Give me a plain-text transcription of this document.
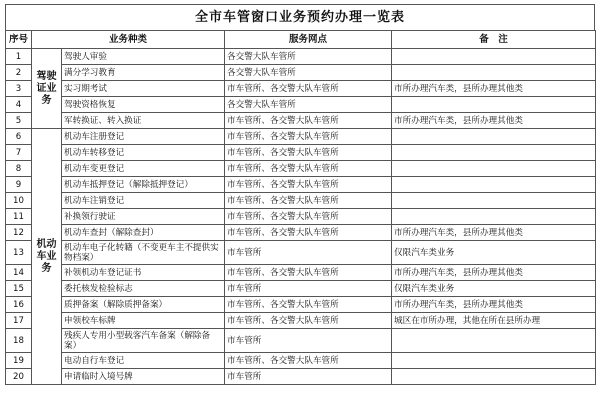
全市车管窗口业务预约办理一览表
序号	业务种类		服务网点	备　注
1	驾驶证业务	驾驶人审验	各交警大队车管所	
2		满分学习教育	各交警大队车管所	
3		实习期考试	市车管所、各交警大队车管所	市所办理汽车类，县所办理其他类
4		驾驶资格恢复	各交警大队车管所	
5		军转换证、转入换证	市车管所、各交警大队车管所	市所办理汽车类，县所办理其他类
6	机动车业务	机动车注册登记	市车管所、各交警大队车管所	
7		机动车转移登记	市车管所、各交警大队车管所	
8		机动车变更登记	市车管所、各交警大队车管所	
9		机动车抵押登记（解除抵押登记）	市车管所、各交警大队车管所	
10		机动车注销登记	市车管所、各交警大队车管所	
11		补换领行驶证	市车管所、各交警大队车管所	
12		机动车查封（解除查封）	市车管所、各交警大队车管所	市所办理汽车类，县所办理其他类
13		机动车电子化转籍（不变更车主不提供实物档案）	市车管所	仅限汽车类业务
14		补领机动车登记证书	市车管所、各交警大队车管所	市所办理汽车类，县所办理其他类
15		委托核发检验标志	市车管所	仅限汽车类业务
16		质押备案（解除质押备案）	市车管所、各交警大队车管所	市所办理汽车类，县所办理其他类
17		申领校车标牌	市车管所、各交警大队车管所	城区在市所办理，其他在所在县所办理
18		残疾人专用小型载客汽车备案（解除备案）	市车管所	
19		电动自行车登记	市车管所、各交警大队车管所	
20		申请临时入境号牌	市车管所	
